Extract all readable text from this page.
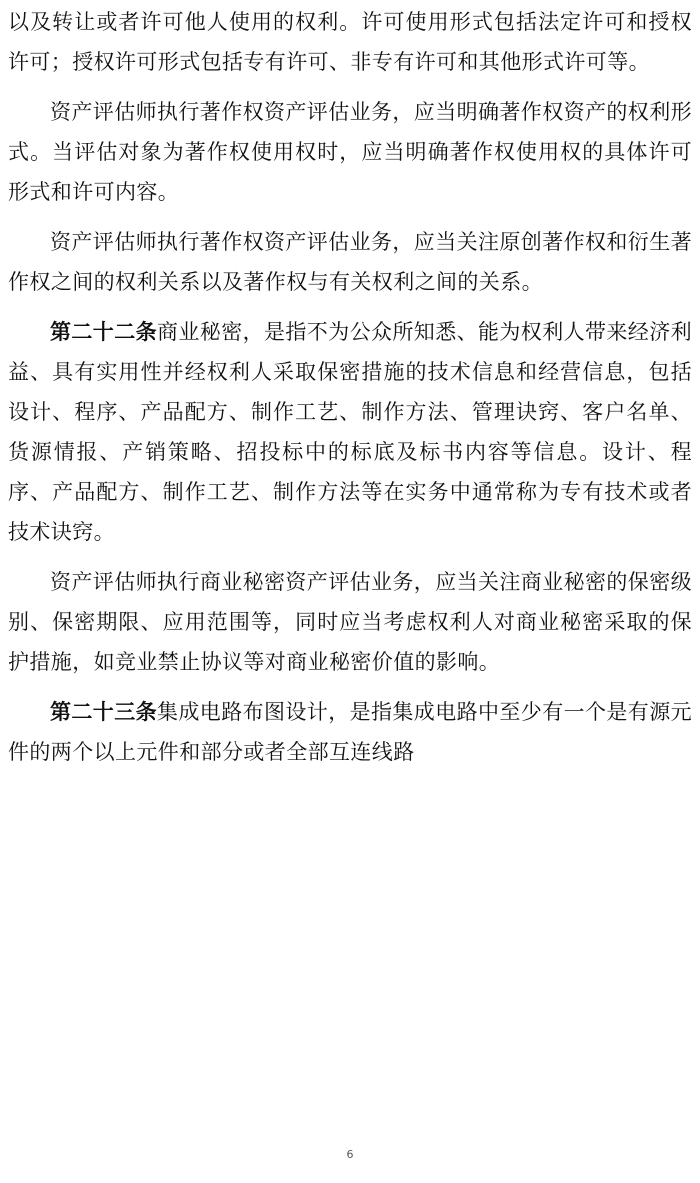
以及转让或者许可他人使用的权利。许可使用形式包括法定许可和授权许可；授权许可形式包括专有许可、非专有许可和其他形式许可等。

资产评估师执行著作权资产评估业务，应当明确著作权资产的权利形式。当评估对象为著作权使用权时，应当明确著作权使用权的具体许可形式和许可内容。

资产评估师执行著作权资产评估业务，应当关注原创著作权和衍生著作权之间的权利关系以及著作权与有关权利之间的关系。

第二十二条商业秘密，是指不为公众所知悉、能为权利人带来经济利益、具有实用性并经权利人采取保密措施的技术信息和经营信息，包括设计、程序、产品配方、制作工艺、制作方法、管理诀窍、客户名单、货源情报、产销策略、招投标中的标底及标书内容等信息。设计、程序、产品配方、制作工艺、制作方法等在实务中通常称为专有技术或者技术诀窍。

资产评估师执行商业秘密资产评估业务，应当关注商业秘密的保密级别、保密期限、应用范围等，同时应当考虑权利人对商业秘密采取的保护措施，如竞业禁止协议等对商业秘密价值的影响。

第二十三条集成电路布图设计，是指集成电路中至少有一个是有源元件的两个以上元件和部分或者全部互连线路

6
